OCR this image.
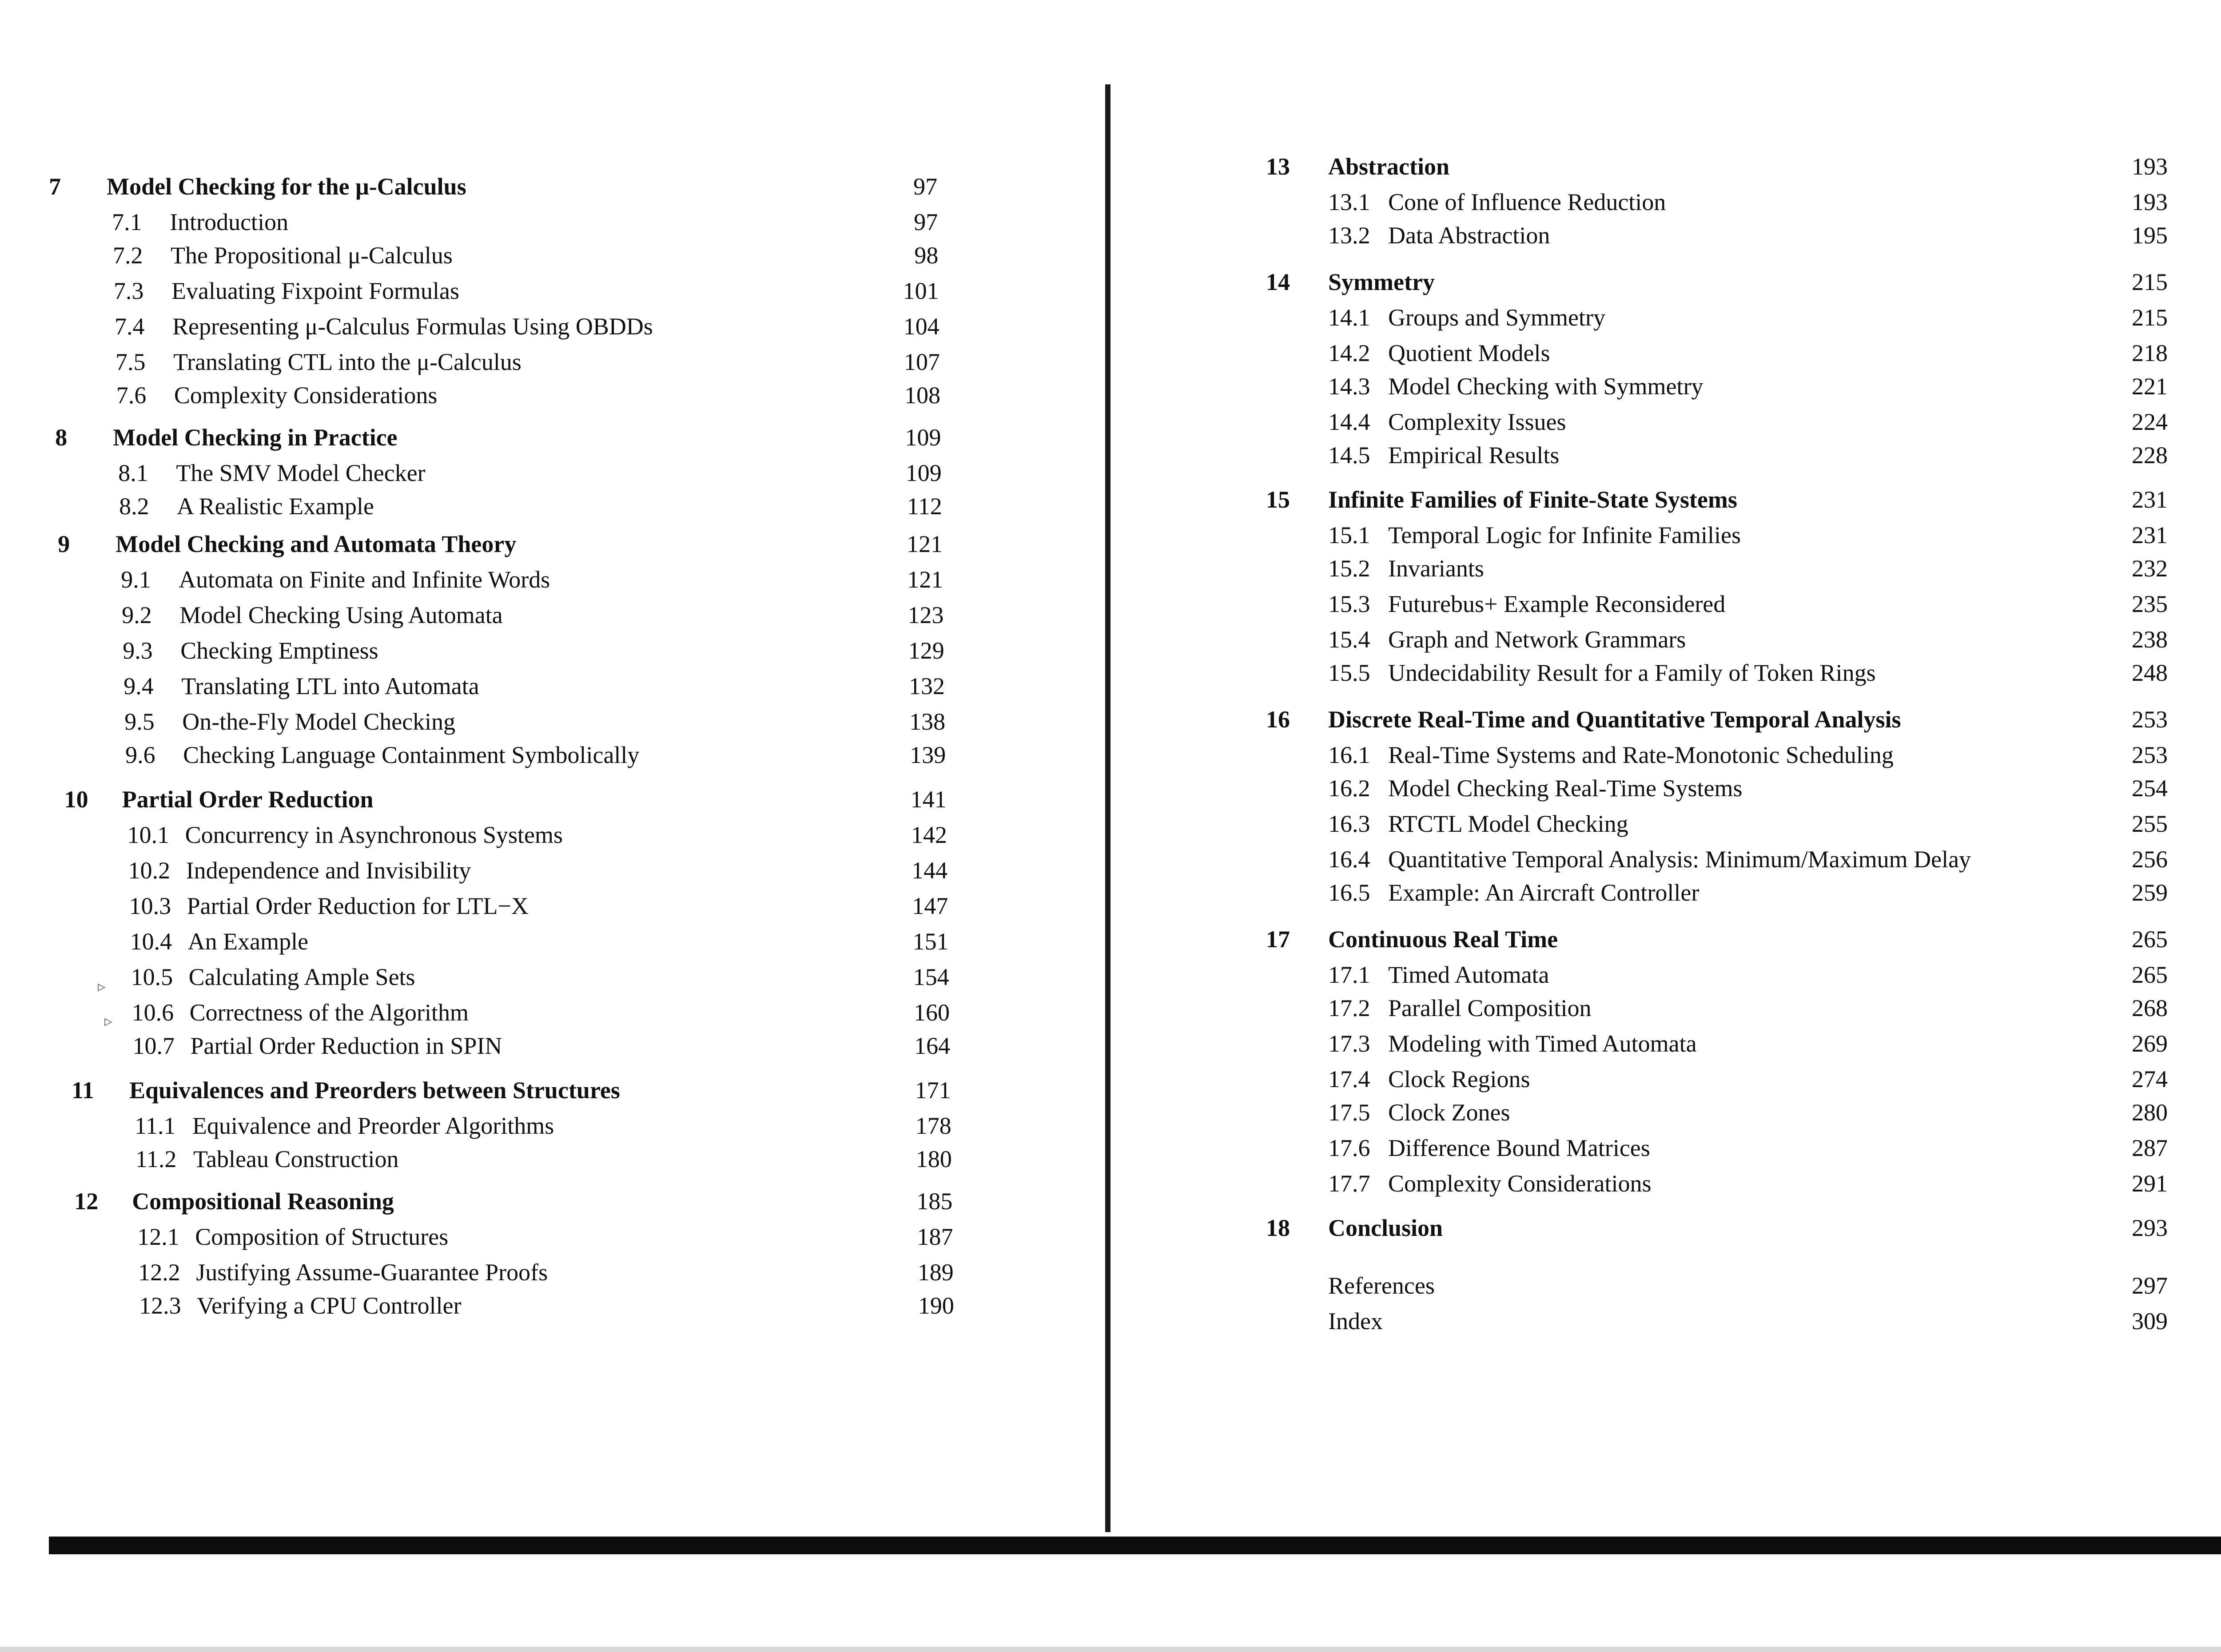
7 Model Checking for the μ-Calculus	97
7.1 Introduction	97
7.2 The Propositional μ-Calculus	98
7.3 Evaluating Fixpoint Formulas	101
7.4 Representing μ-Calculus Formulas Using OBDDs	104
7.5 Translating CTL into the μ-Calculus	107
7.6 Complexity Considerations	108
8 Model Checking in Practice	109
8.1 The SMV Model Checker	109
8.2 A Realistic Example	112
9 Model Checking and Automata Theory	121
9.1 Automata on Finite and Infinite Words	121
9.2 Model Checking Using Automata	123
9.3 Checking Emptiness	129
9.4 Translating LTL into Automata	132
9.5 On-the-Fly Model Checking	138
9.6 Checking Language Containment Symbolically	139
10 Partial Order Reduction	141
10.1 Concurrency in Asynchronous Systems	142
10.2 Independence and Invisibility	144
10.3 Partial Order Reduction for LTL−X	147
10.4 An Example	151
10.5 Calculating Ample Sets	154
10.6 Correctness of the Algorithm	160
10.7 Partial Order Reduction in SPIN	164
11 Equivalences and Preorders between Structures	171
11.1 Equivalence and Preorder Algorithms	178
11.2 Tableau Construction	180
12 Compositional Reasoning	185
12.1 Composition of Structures	187
12.2 Justifying Assume-Guarantee Proofs	189
12.3 Verifying a CPU Controller	190
13 Abstraction	193
13.1 Cone of Influence Reduction	193
13.2 Data Abstraction	195
14 Symmetry	215
14.1 Groups and Symmetry	215
14.2 Quotient Models	218
14.3 Model Checking with Symmetry	221
14.4 Complexity Issues	224
14.5 Empirical Results	228
15 Infinite Families of Finite-State Systems	231
15.1 Temporal Logic for Infinite Families	231
15.2 Invariants	232
15.3 Futurebus+ Example Reconsidered	235
15.4 Graph and Network Grammars	238
15.5 Undecidability Result for a Family of Token Rings	248
16 Discrete Real-Time and Quantitative Temporal Analysis	253
16.1 Real-Time Systems and Rate-Monotonic Scheduling	253
16.2 Model Checking Real-Time Systems	254
16.3 RTCTL Model Checking	255
16.4 Quantitative Temporal Analysis: Minimum/Maximum Delay	256
16.5 Example: An Aircraft Controller	259
17 Continuous Real Time	265
17.1 Timed Automata	265
17.2 Parallel Composition	268
17.3 Modeling with Timed Automata	269
17.4 Clock Regions	274
17.5 Clock Zones	280
17.6 Difference Bound Matrices	287
17.7 Complexity Considerations	291
18 Conclusion	293
References	297
Index	309
▹
▹
